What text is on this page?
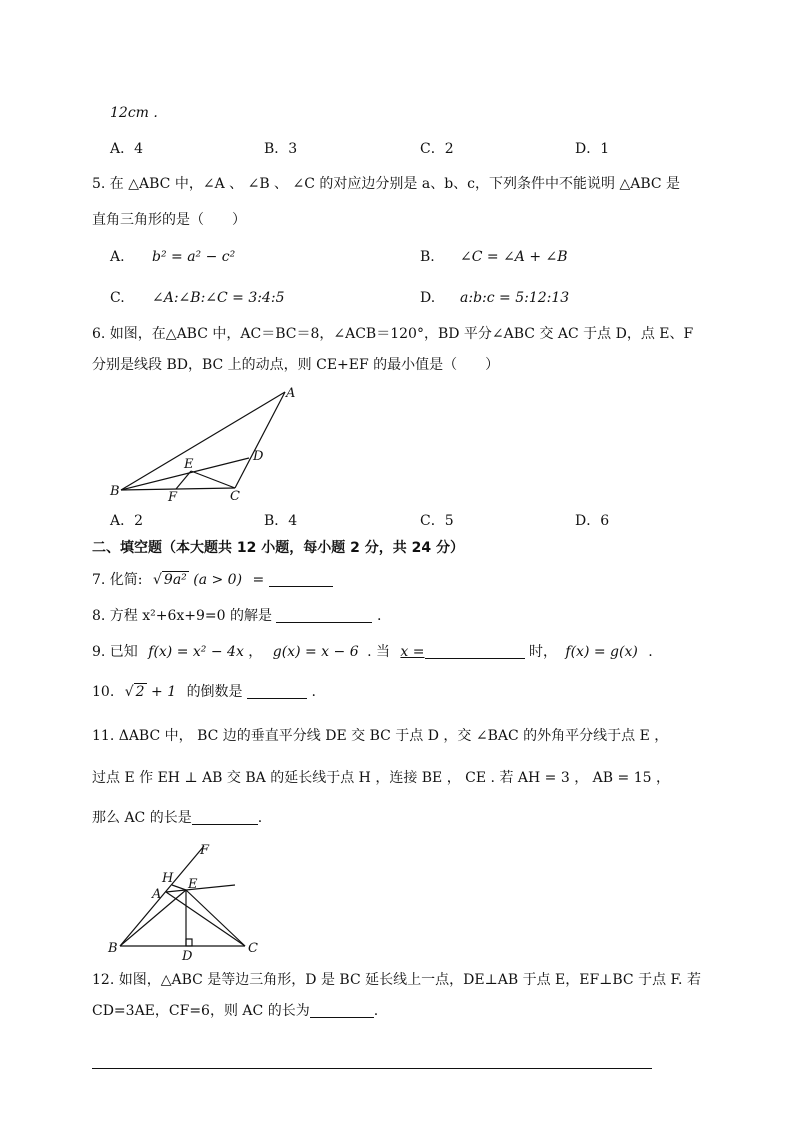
12cm .
A．4	B．3	C．2	D．1
5. 在 △ABC 中，∠A 、 ∠B 、 ∠C 的对应边分别是 a、b、c，下列条件中不能说明 △ABC 是
直角三角形的是（　　）
A. b² = a² − c²	B. ∠C = ∠A + ∠B
C. ∠A:∠B:∠C = 3:4:5	D. a:b:c = 5:12:13
6. 如图，在△ABC 中，AC＝BC＝8，∠ACB＝120°，BD 平分∠ABC 交 AC 于点 D，点 E、F
分别是线段 BD，BC 上的动点，则 CE+EF 的最小值是（　　）
A
B	C
D
E
F
A．2	B．4	C．5	D．6
二、填空题（本大题共 12 小题，每小题 2 分，共 24 分）
7. 化简: √ 9a² (a > 0) =
8. 方程 x²+6x+9=0 的解是	.
9. 已知 f(x) = x² − 4x ， g(x) = x − 6 . 当 x =	时， f(x) = g(x) .
10. √ 2 + 1 的倒数是	.
11. ΔABC 中， BC 边的垂直平分线 DE 交 BC 于点 D ，交 ∠BAC 的外角平分线于点 E ，
过点 E 作 EH ⊥ AB 交 BA 的延长线于点 H ，连接 BE ， CE . 若 AH = 3 ， AB = 15 ，
那么 AC 的长是	.
F
H
A
E
B
D
C
12. 如图，△ABC 是等边三角形，D 是 BC 延长线上一点，DE⊥AB 于点 E，EF⊥BC 于点 F. 若
CD=3AE，CF=6，则 AC 的长为	.
